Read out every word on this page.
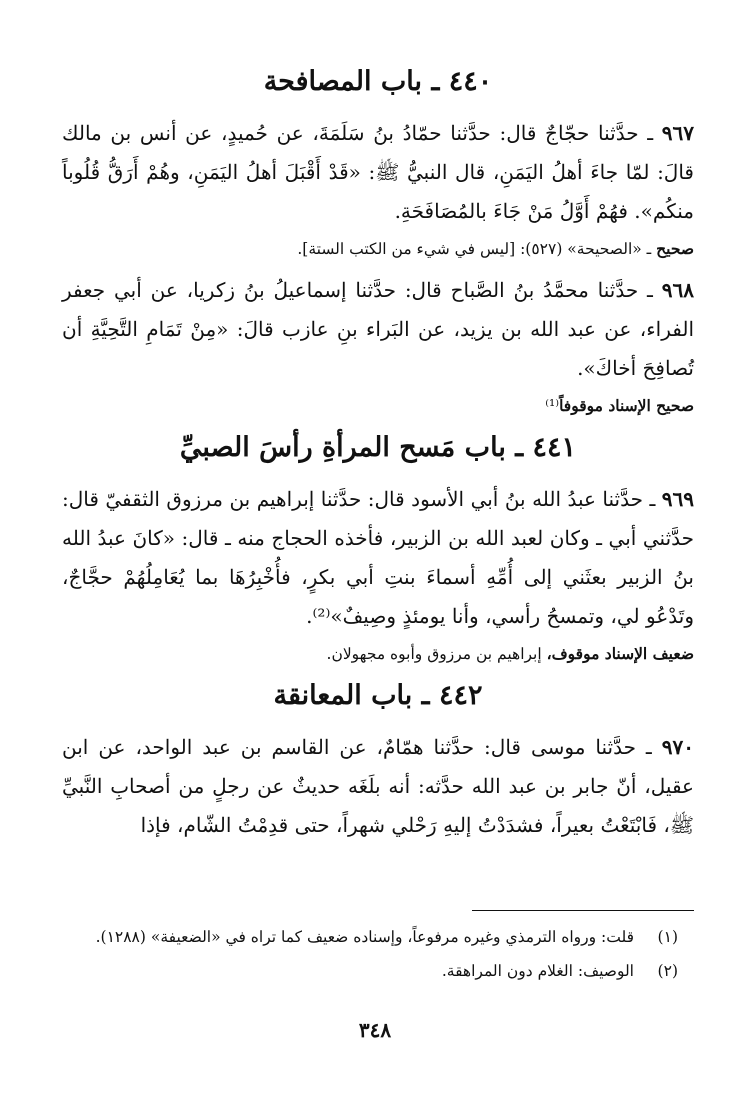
٤٤٠ ـ باب المصافحة

٩٦٧ ـ حدَّثنا حجّاجٌ قال: حدَّثنا حمّادُ بنُ سَلَمَةَ، عن حُميدٍ، عن أنس بن مالك قالَ: لمّا جاءَ أهلُ اليَمَنِ، قال النبيُّ ﷺ: «قَدْ أَقْبَلَ أهلُ اليَمَنِ، وهُمْ أَرَقُّ قُلُوباً منكُم». فهُمْ أَوَّلُ مَنْ جَاءَ بالمُصَافَحَةِ.

صحيح ـ «الصحيحة» (٥٢٧): [ليس في شيء من الكتب الستة].

٩٦٨ ـ حدَّثنا محمَّدُ بنُ الصَّباح قال: حدَّثنا إسماعيلُ بنُ زكريا، عن أبي جعفر الفراء، عن عبد الله بن يزيد، عن البَراء بنِ عازب قالَ: «مِنْ تَمَامِ التَّحِيَّةِ أن تُصافِحَ أخاكَ».

صحيح الإسناد موقوفاً⁽¹⁾

٤٤١ ـ باب مَسح المرأةِ رأسَ الصبيِّ

٩٦٩ ـ حدَّثنا عبدُ الله بنُ أبي الأسود قال: حدَّثنا إبراهيم بن مرزوق الثقفيّ قال: حدَّثني أبي ـ وكان لعبد الله بن الزبير، فأخذه الحجاج منه ـ قال: «كانَ عبدُ الله بنُ الزبير بعثَني إلى أُمِّهِ أسماءَ بنتِ أبي بكرٍ، فأُخْبِرُهَا بما يُعَامِلُهُمْ حجَّاجٌ، وتَدْعُو لي، وتمسحُ رأسي، وأنا يومئذٍ وصِيفٌ»⁽²⁾.

ضعيف الإسناد موقوف، إبراهيم بن مرزوق وأبوه مجهولان.

٤٤٢ ـ باب المعانقة

٩٧٠ ـ حدَّثنا موسى قال: حدَّثنا همّامٌ، عن القاسم بن عبد الواحد، عن ابن عقيل، أنّ جابر بن عبد الله حدَّثه: أنه بلَغَه حديثٌ عن رجلٍ من أصحابِ النَّبيِّ ﷺ، فَابْتَعْتُ بعيراً، فشدَدْتُ إليهِ رَحْلي شهراً، حتى قدِمْتُ الشّام، فإذا

(١)
قلت: ورواه الترمذي وغيره مرفوعاً، وإسناده ضعيف كما تراه في «الضعيفة» (١٢٨٨).
(٢)
الوصيف: الغلام دون المراهقة.
٣٤٨
